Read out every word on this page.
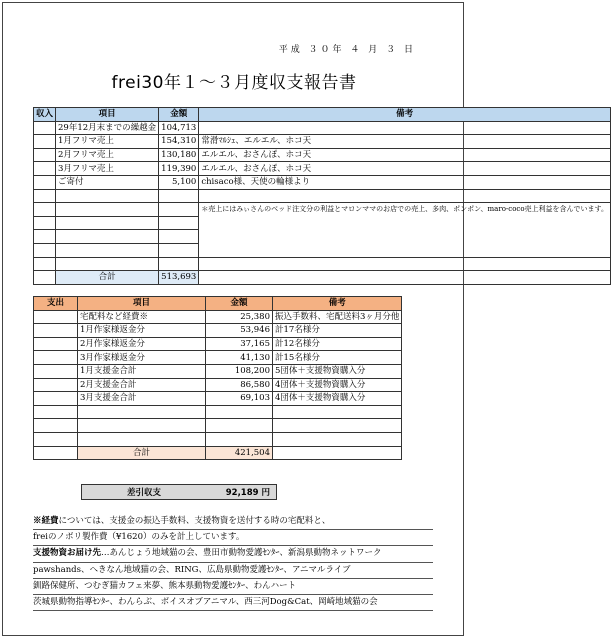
平成 ３０年 ４ 月 ３ 日
frei30年１～３月度収支報告書
収入	項目	金額	備考
	29年12月末までの繰越金	104,713	
	1月フリマ売上	154,310	常滑ﾏﾙｼｪ、エルエル、ホコ天
	2月フリマ売上	130,180	エルエル、おさんぽ、ホコ天
	3月フリマ売上	119,390	エルエル、おさんぽ、ホコ天
	ご寄付	5,100	chisaco様、天使の輪様より

			＊売上にはみぃさんのベッド注文分の利益とマロンママのお店での売上、多肉、ポンポン、maro-coco売上利益を含んでいます。

	合計	513,693	
支出	項目	金額	備考
	宅配料など経費※	25,380	振込手数料、宅配送料3ヶ月分他
	1月作家様返金分	53,946	計17名様分
	2月作家様返金分	37,165	計12名様分
	3月作家様返金分	41,130	計15名様分
	1月支援金合計	108,200	5団体＋支援物資購入分
	2月支援金合計	86,580	4団体＋支援物資購入分
	3月支援金合計	69,103	4団体＋支援物資購入分

	合計	421,504	
差引収支	92,189 円
※経費については、支援金の振込手数料、支援物資を送付する時の宅配料と、
freiのノボリ製作費（¥1620）のみを計上しています。
支援物資お届け先…あんじょう地域猫の会、豊田市動物愛護ｾﾝﾀｰ、新潟県動物ネットワーク
pawshands、へきなん地域猫の会、RING、広島県動物愛護ｾﾝﾀｰ、アニマルライブ
釧路保健所、つむぎ猫カフェ来夢、熊本県動物愛護ｾﾝﾀｰ、わんハート
茨城県動物指導ｾﾝﾀｰ、わんらぶ、ボイスオブアニマル、西三河Dog&Cat、岡崎地域猫の会
